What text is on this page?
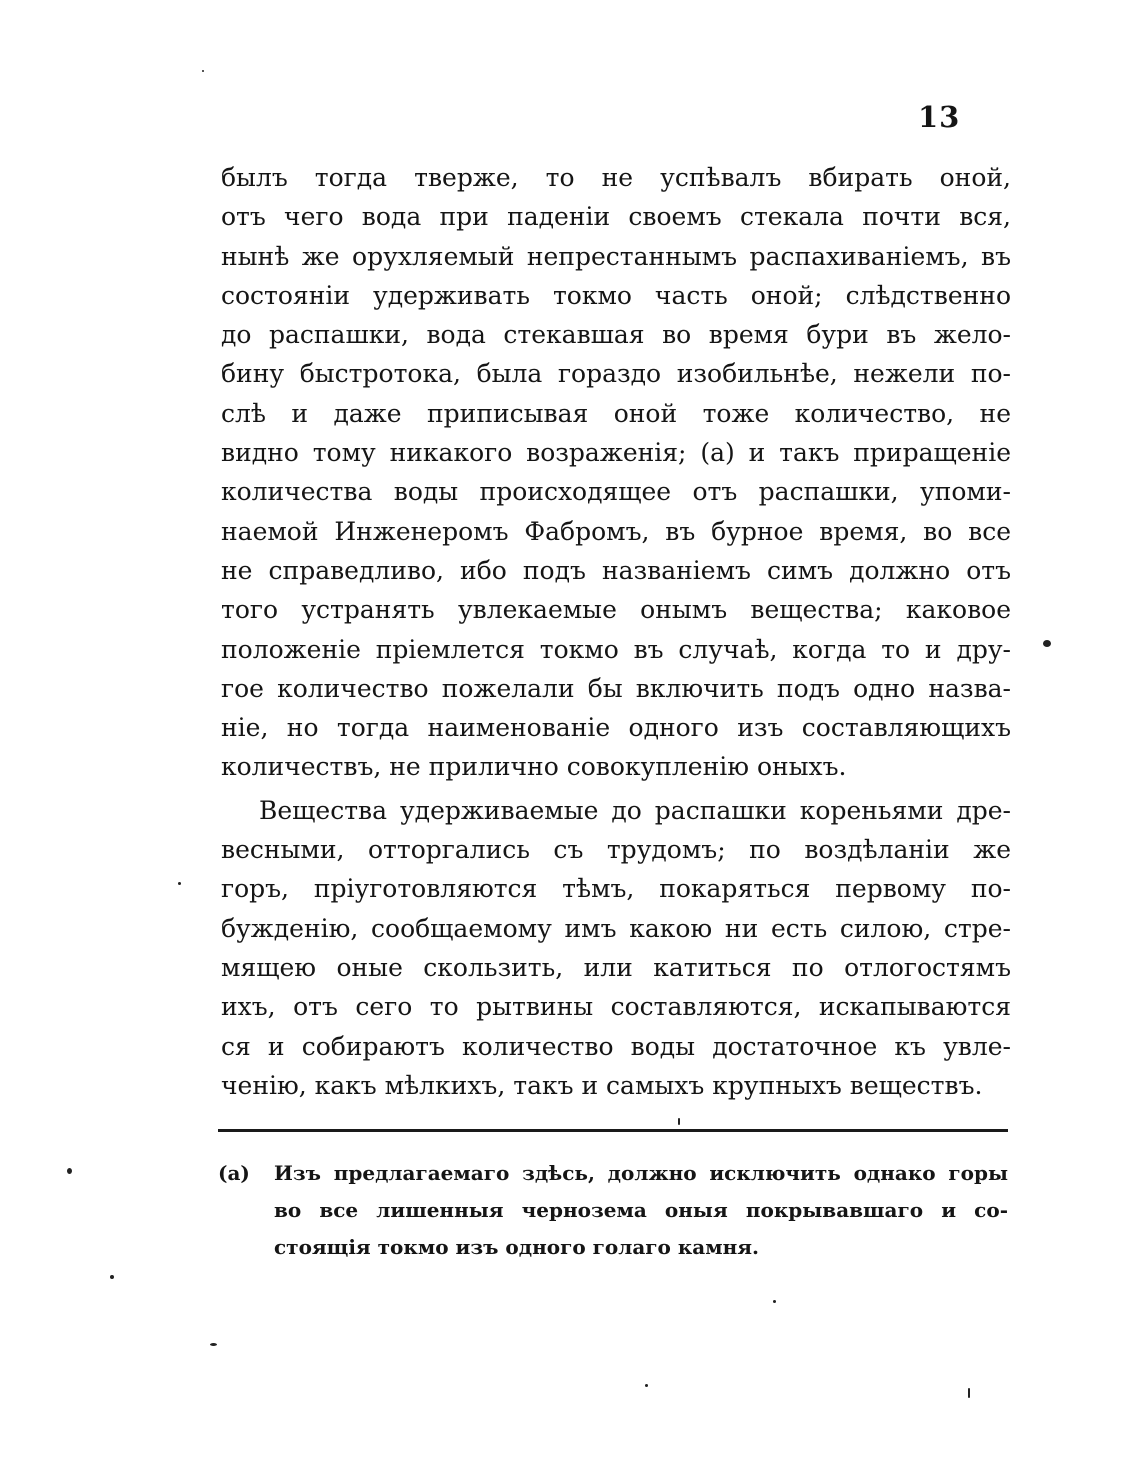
13
былъ тогда тверже, то не успѣвалъ вбирать оной,
отъ чего вода при паденіи своемъ стекала почти вся,
нынѣ же орухляемый непрестаннымъ распахиваніемъ, въ
состояніи удерживать токмо часть оной; слѣдственно
до распашки, вода стекавшая во время бури въ жело-
бину быстротока, была гораздо изобильнѣе, нежели по-
слѣ и даже приписывая оной тоже количество, не
видно тому никакого возраженія; (а) и такъ приращеніе
количества воды происходящее отъ распашки, упоми-
наемой Инженеромъ Фабромъ, въ бурное время, во все
не справедливо, ибо подъ названіемъ симъ должно отъ
того устранять увлекаемые онымъ вещества; каковое
положеніе пріемлется токмо въ случаѣ, когда то и дру-
гое количество пожелали бы включить подъ одно назва-
ніе, но тогда наименованіе одного изъ составляющихъ
количествъ, не прилично совокупленію оныхъ.
Вещества удерживаемые до распашки кореньями дре-
весными, отторгались съ трудомъ; по воздѣланіи же
горъ, пріуготовляются тѣмъ, покаряться первому по-
бужденію, сообщаемому имъ какою ни есть силою, стре-
мящею оные скользить, или катиться по отлогостямъ
ихъ, отъ сего то рытвины составляются, искапываются
ся и собираютъ количество воды достаточное къ увле-
ченію, какъ мѣлкихъ, такъ и самыхъ крупныхъ веществъ.
(a) Изъ предлагаемаго здѣсь, должно исключить однако горы
во все лишенныя чернозема оныя покрывавшаго и со-
стоящія токмо изъ одного голаго камня.
